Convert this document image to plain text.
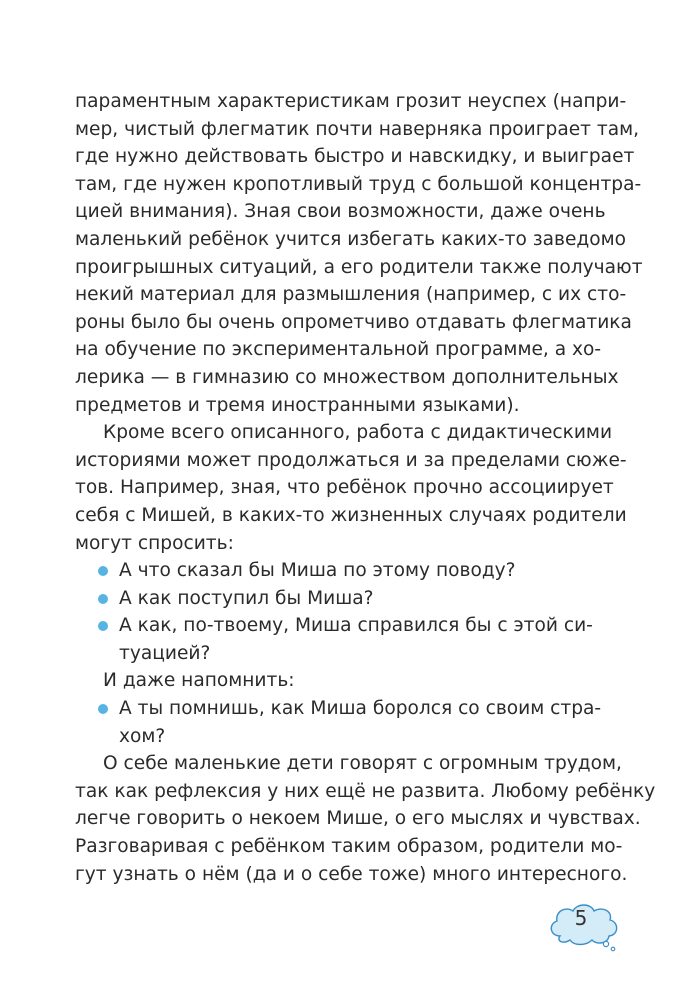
параментным характеристикам грозит неуспех (напри-
мер, чистый флегматик почти наверняка проиграет там,
где нужно действовать быстро и навскидку, и выиграет
там, где нужен кропотливый труд с большой концентра-
цией внимания). Зная свои возможности, даже очень
маленький ребёнок учится избегать каких-то заведомо
проигрышных ситуаций, а его родители также получают
некий материал для размышления (например, с их сто-
роны было бы очень опрометчиво отдавать флегматика
на обучение по экспериментальной программе, а хо-
лерика — в гимназию со множеством дополнительных
предметов и тремя иностранными языками).
Кроме всего описанного, работа с дидактическими
историями может продолжаться и за пределами сюже-
тов. Например, зная, что ребёнок прочно ассоциирует
себя с Мишей, в каких-то жизненных случаях родители
могут спросить:
А что сказал бы Миша по этому поводу?
А как поступил бы Миша?
А как, по-твоему, Миша справился бы с этой си-
туацией?
И даже напомнить:
А ты помнишь, как Миша боролся со своим стра-
хом?
О себе маленькие дети говорят с огромным трудом,
так как рефлексия у них ещё не развита. Любому ребёнку
легче говорить о некоем Мише, о его мыслях и чувствах.
Разговаривая с ребёнком таким образом, родители мо-
гут узнать о нём (да и о себе тоже) много интересного.
5
